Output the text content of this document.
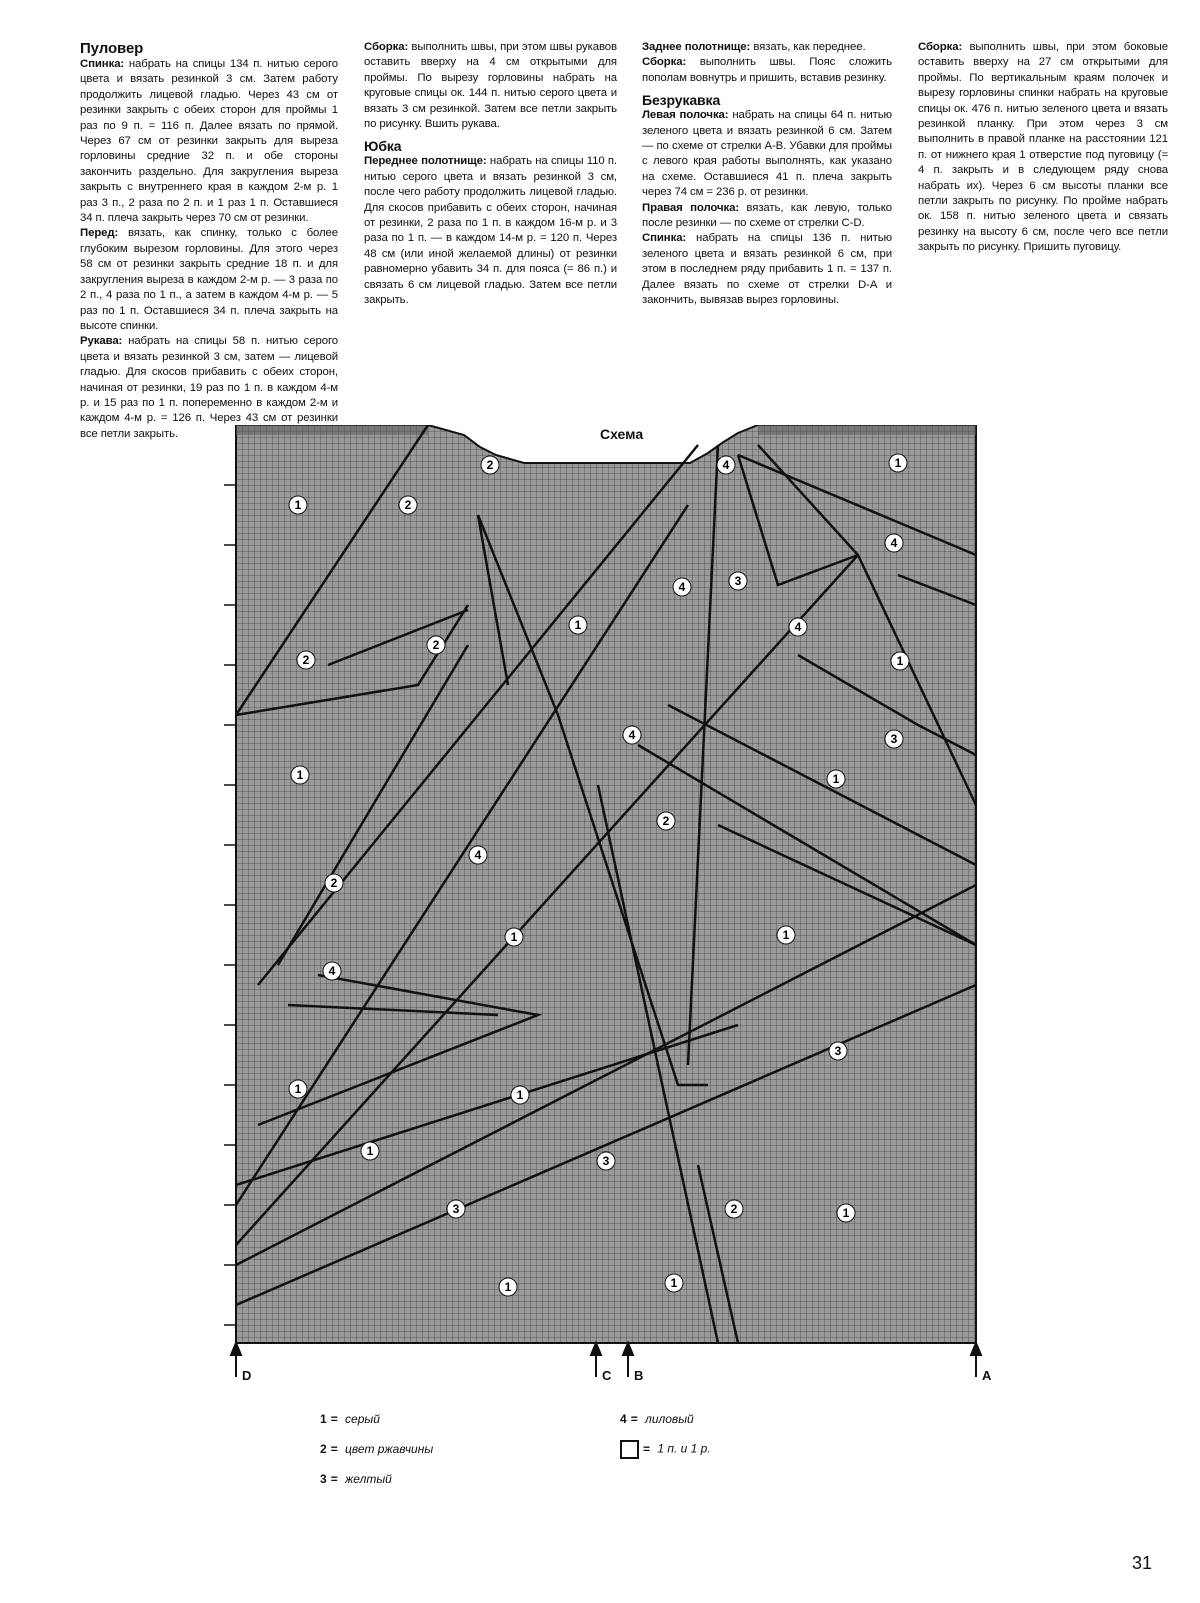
Пуловер

Спинка: набрать на спицы 134 п. нитью серого цвета и вязать резинкой 3 см. Затем работу продолжить лицевой гладью. Через 43 см от резинки закрыть с обеих сторон для проймы 1 раз по 9 п. = 116 п. Далее вязать по прямой. Через 67 см от резинки закрыть для выреза горловины средние 32 п. и обе стороны закончить раздельно. Для закругления выреза закрыть с внутреннего края в каждом 2-м р. 1 раз 3 п., 2 раза по 2 п. и 1 раз 1 п. Оставшиеся 34 п. плеча закрыть через 70 см от резинки.

Перед: вязать, как спинку, только с более глубоким вырезом горловины. Для этого через 58 см от резинки закрыть средние 18 п. и для закругления выреза в каждом 2-м р. — 3 раза по 2 п., 4 раза по 1 п., а затем в каждом 4-м р. — 5 раз по 1 п. Оставшиеся 34 п. плеча закрыть на высоте спинки.

Рукава: набрать на спицы 58 п. нитью серого цвета и вязать резинкой 3 см, затем — лицевой гладью. Для скосов прибавить с обеих сторон, начиная от резинки, 19 раз по 1 п. в каждом 4-м р. и 15 раз по 1 п. попеременно в каждом 2-м и каждом 4-м р. = 126 п. Через 43 см от резинки все петли закрыть.

Сборка: выполнить швы, при этом швы рукавов оставить вверху на 4 см открытыми для проймы. По вырезу горловины набрать на круговые спицы ок. 144 п. нитью серого цвета и вязать 3 см резинкой. Затем все петли закрыть по рисунку. Вшить рукава.

Юбка

Переднее полотнище: набрать на спицы 110 п. нитью серого цвета и вязать резинкой 3 см, после чего работу продолжить лицевой гладью. Для скосов прибавить с обеих сторон, начиная от резинки, 2 раза по 1 п. в каждом 16-м р. и 3 раза по 1 п. — в каждом 14-м р. = 120 п. Через 48 см (или иной желаемой длины) от резинки равномерно убавить 34 п. для пояса (= 86 п.) и связать 6 см лицевой гладью. Затем все петли закрыть.

Заднее полотнище: вязать, как переднее.

Сборка: выполнить швы. Пояс сложить пополам вовнутрь и пришить, вставив резинку.

Безрукавка

Левая полочка: набрать на спицы 64 п. нитью зеленого цвета и вязать резинкой 6 см. Затем — по схеме от стрелки A-B. Убавки для проймы с левого края работы выполнять, как указано на схеме. Оставшиеся 41 п. плеча закрыть через 74 см = 236 р. от резинки.

Правая полочка: вязать, как левую, только после резинки — по схеме от стрелки C-D.

Спинка: набрать на спицы 136 п. нитью зеленого цвета и вязать резинкой 6 см, при этом в последнем ряду прибавить 1 п. = 137 п. Далее вязать по схеме от стрелки D-A и закончить, вывязав вырез горловины.

Сборка: выполнить швы, при этом боковые оставить вверху на 27 см открытыми для проймы. По вертикальным краям полочек и вырезу горловины спинки набрать на круговые спицы ок. 476 п. нитью зеленого цвета и вязать резинкой планку. При этом через 3 см выполнить в правой планке на расстоянии 121 п. от нижнего края 1 отверстие под пуговицу (= 4 п. закрыть и в следующем ряду снова набрать их). Через 6 см высоты планки все петли закрыть по рисунку. По пройме набрать ок. 158 п. нитью зеленого цвета и связать резинку на высоту 6 см, после чего все петли закрыть по рисунку. Пришить пуговицу.

Схема
2
1	2
2
2
1
1
4
4	3
1
4
1
4
3
1
2
1
4
1
2
1
4
4
1
3
1
3
1
2	1
3
1
D	C B	A
1 = серый
2 = цвет ржавчины
3 = желтый
4 = лиловый
= 1 п. и 1 р.
31
